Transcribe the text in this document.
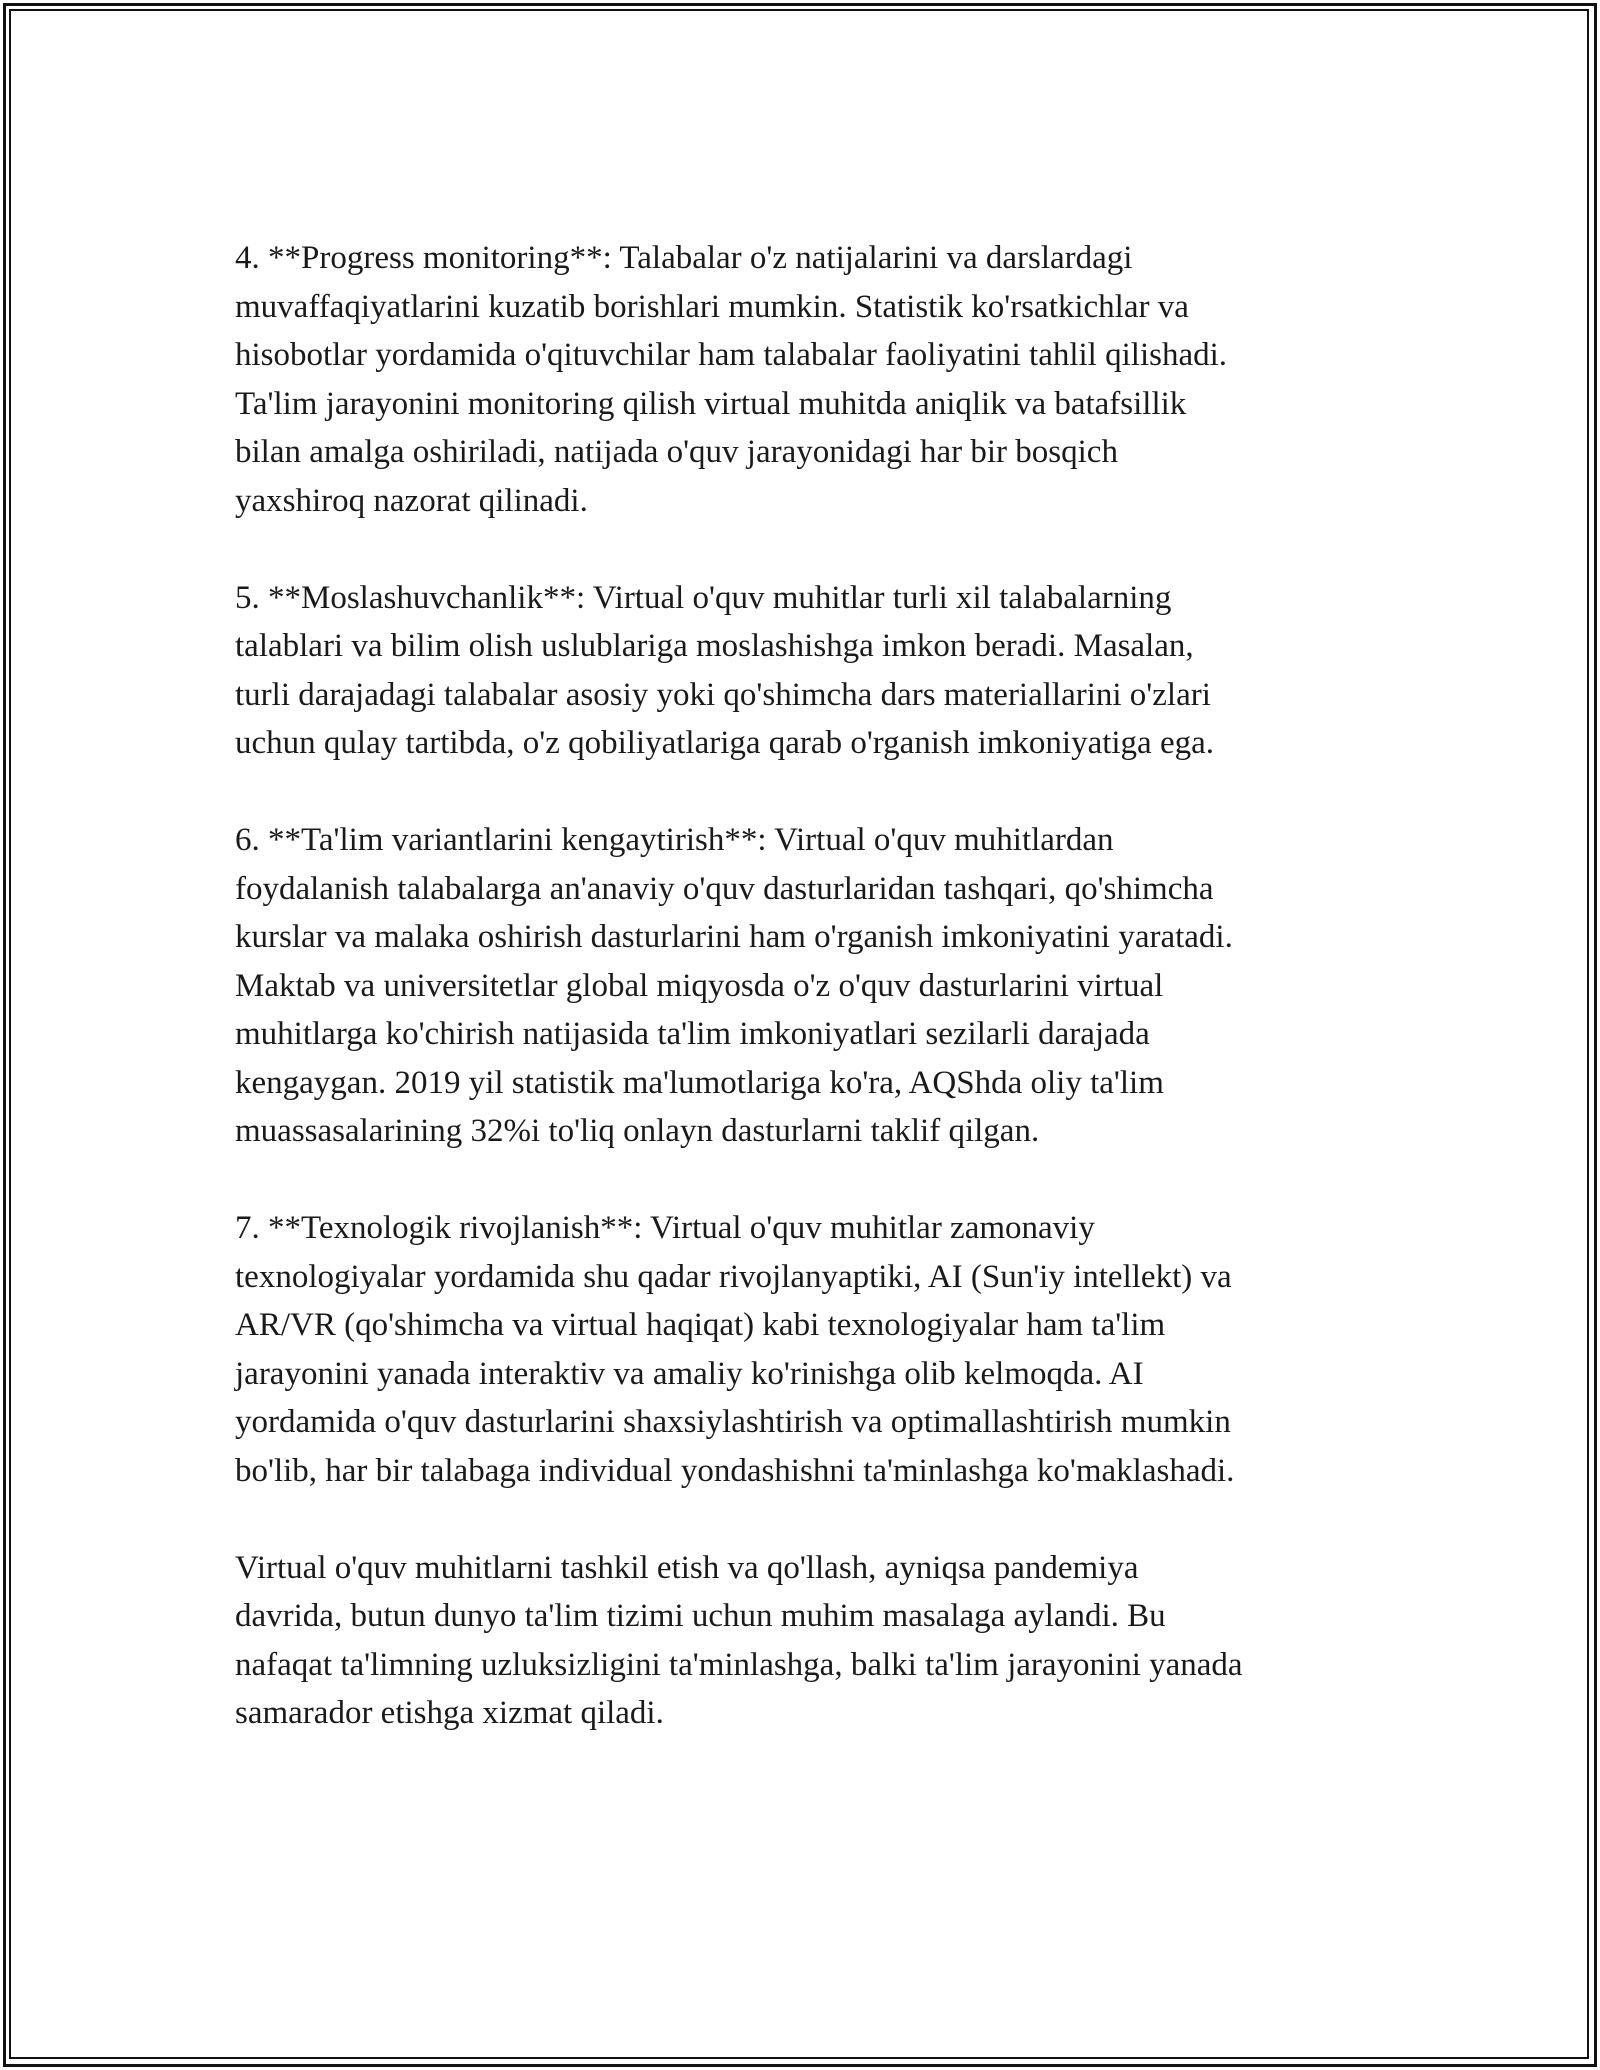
4. **Progress monitoring**: Talabalar o'z natijalarini va darslardagi
muvaffaqiyatlarini kuzatib borishlari mumkin. Statistik ko'rsatkichlar va
hisobotlar yordamida o'qituvchilar ham talabalar faoliyatini tahlil qilishadi.
Ta'lim jarayonini monitoring qilish virtual muhitda aniqlik va batafsillik
bilan amalga oshiriladi, natijada o'quv jarayonidagi har bir bosqich
yaxshiroq nazorat qilinadi.

5. **Moslashuvchanlik**: Virtual o'quv muhitlar turli xil talabalarning
talablari va bilim olish uslublariga moslashishga imkon beradi. Masalan,
turli darajadagi talabalar asosiy yoki qo'shimcha dars materiallarini o'zlari
uchun qulay tartibda, o'z qobiliyatlariga qarab o'rganish imkoniyatiga ega.

6. **Ta'lim variantlarini kengaytirish**: Virtual o'quv muhitlardan
foydalanish talabalarga an'anaviy o'quv dasturlaridan tashqari, qo'shimcha
kurslar va malaka oshirish dasturlarini ham o'rganish imkoniyatini yaratadi.
Maktab va universitetlar global miqyosda o'z o'quv dasturlarini virtual
muhitlarga ko'chirish natijasida ta'lim imkoniyatlari sezilarli darajada
kengaygan. 2019 yil statistik ma'lumotlariga ko'ra, AQShda oliy ta'lim
muassasalarining 32%i to'liq onlayn dasturlarni taklif qilgan.

7. **Texnologik rivojlanish**: Virtual o'quv muhitlar zamonaviy
texnologiyalar yordamida shu qadar rivojlanyaptiki, AI (Sun'iy intellekt) va
AR/VR (qo'shimcha va virtual haqiqat) kabi texnologiyalar ham ta'lim
jarayonini yanada interaktiv va amaliy ko'rinishga olib kelmoqda. AI
yordamida o'quv dasturlarini shaxsiylashtirish va optimallashtirish mumkin
bo'lib, har bir talabaga individual yondashishni ta'minlashga ko'maklashadi.

Virtual o'quv muhitlarni tashkil etish va qo'llash, ayniqsa pandemiya
davrida, butun dunyo ta'lim tizimi uchun muhim masalaga aylandi. Bu
nafaqat ta'limning uzluksizligini ta'minlashga, balki ta'lim jarayonini yanada
samarador etishga xizmat qiladi.
